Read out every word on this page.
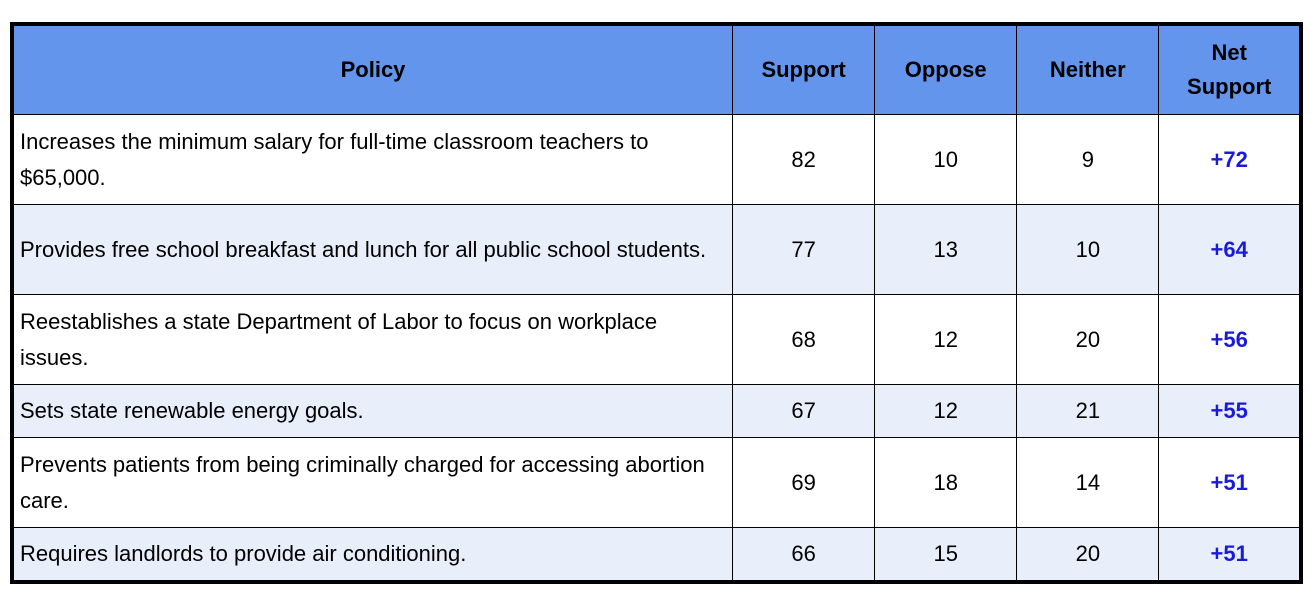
Policy	Support	Oppose	Neither	Net
Support
Increases the minimum salary for full-time classroom teachers to $65,000.	82	10	9	+72
Provides free school breakfast and lunch for all public school students.	77	13	10	+64
Reestablishes a state Department of Labor to focus on workplace issues.	68	12	20	+56
Sets state renewable energy goals.	67	12	21	+55
Prevents patients from being criminally charged for accessing abortion care.	69	18	14	+51
Requires landlords to provide air conditioning.	66	15	20	+51
